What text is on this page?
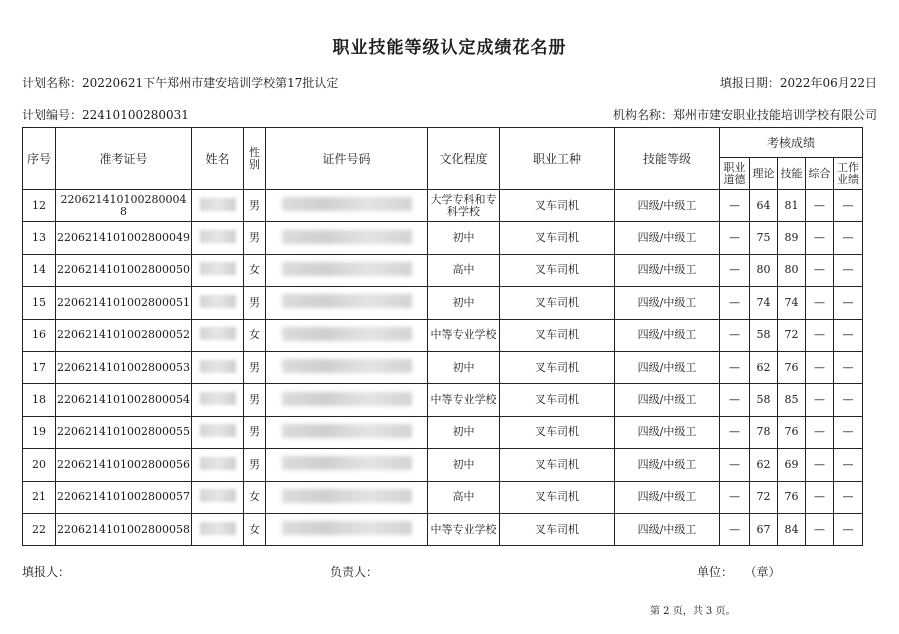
职业技能等级认定成绩花名册
计划名称：20220621下午郑州市建安培训学校第17批认定	填报日期：2022年06月22日
计划编号：22410100280031	机构名称：郑州市建安职业技能培训学校有限公司
序号	准考证号	姓名	性别	证件号码	文化程度	职业工种	技能等级	考核成绩				
								职业道德	理论	技能	综合	工作业绩
12	220621410100280004 8		男		大学专科和专科学校	叉车司机	四级/中级工	—	64	81	—	—
13	2206214101002800049		男		初中	叉车司机	四级/中级工	—	75	89	—	—
14	2206214101002800050		女		高中	叉车司机	四级/中级工	—	80	80	—	—
15	2206214101002800051		男		初中	叉车司机	四级/中级工	—	74	74	—	—
16	2206214101002800052		女		中等专业学校	叉车司机	四级/中级工	—	58	72	—	—
17	2206214101002800053		男		初中	叉车司机	四级/中级工	—	62	76	—	—
18	2206214101002800054		男		中等专业学校	叉车司机	四级/中级工	—	58	85	—	—
19	2206214101002800055		男		初中	叉车司机	四级/中级工	—	78	76	—	—
20	2206214101002800056		男		初中	叉车司机	四级/中级工	—	62	69	—	—
21	2206214101002800057		女		高中	叉车司机	四级/中级工	—	72	76	—	—
22	2206214101002800058		女		中等专业学校	叉车司机	四级/中级工	—	67	84	—	—
填报人：	负责人：	单位： （章）
第 2 页，共 3 页。
